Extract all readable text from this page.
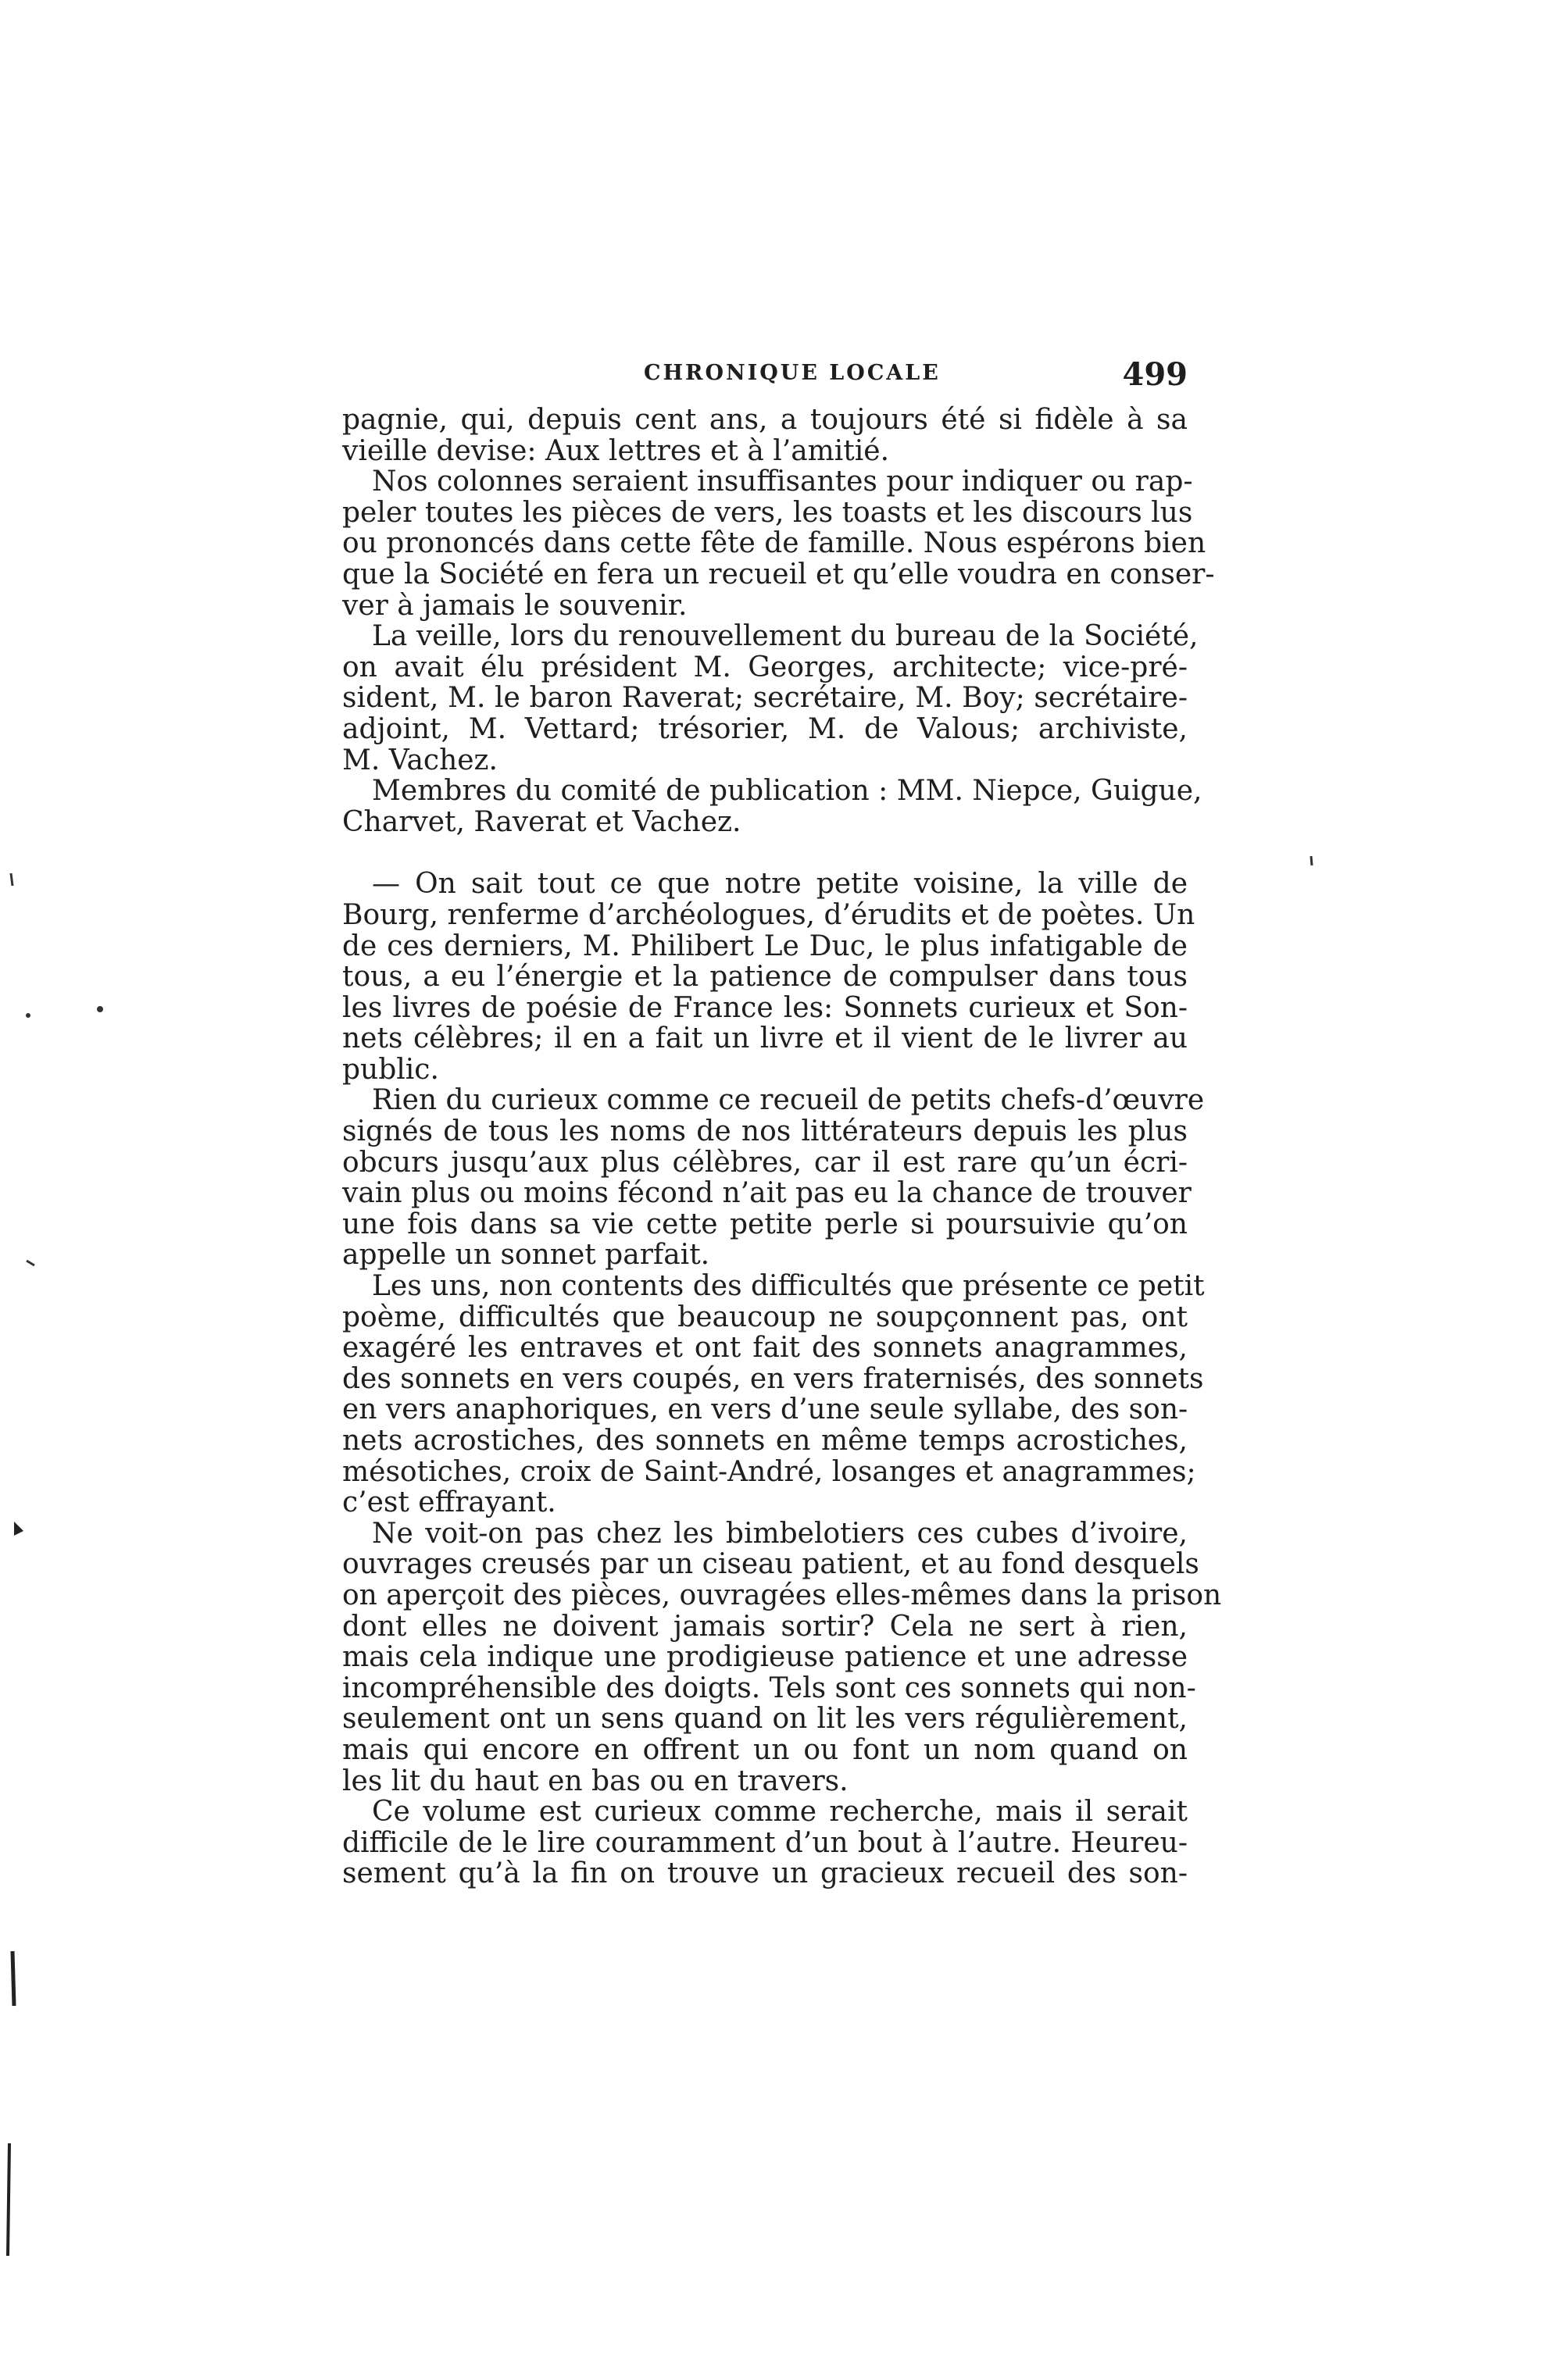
CHRONIQUE LOCALE	499
pagnie, qui, depuis cent ans, a toujours été si fidèle à sa
vieille devise: Aux lettres et à l’amitié.
Nos colonnes seraient insuffisantes pour indiquer ou rap-
peler toutes les pièces de vers, les toasts et les discours lus
ou prononcés dans cette fête de famille. Nous espérons bien
que la Société en fera un recueil et qu’elle voudra en conser-
ver à jamais le souvenir.
La veille, lors du renouvellement du bureau de la Société,
on avait élu président M. Georges, architecte; vice-pré-
sident, M. le baron Raverat; secrétaire, M. Boy; secrétaire-
adjoint, M. Vettard; trésorier, M. de Valous; archiviste,
M. Vachez.
Membres du comité de publication : MM. Niepce, Guigue,
Charvet, Raverat et Vachez.
— On sait tout ce que notre petite voisine, la ville de
Bourg, renferme d’archéologues, d’érudits et de poètes. Un
de ces derniers, M. Philibert Le Duc, le plus infatigable de
tous, a eu l’énergie et la patience de compulser dans tous
les livres de poésie de France les: Sonnets curieux et Son-
nets célèbres; il en a fait un livre et il vient de le livrer au
public.
Rien du curieux comme ce recueil de petits chefs-d’œuvre
signés de tous les noms de nos littérateurs depuis les plus
obcurs jusqu’aux plus célèbres, car il est rare qu’un écri-
vain plus ou moins fécond n’ait pas eu la chance de trouver
une fois dans sa vie cette petite perle si poursuivie qu’on
appelle un sonnet parfait.
Les uns, non contents des difficultés que présente ce petit
poème, difficultés que beaucoup ne soupçonnent pas, ont
exagéré les entraves et ont fait des sonnets anagrammes,
des sonnets en vers coupés, en vers fraternisés, des sonnets
en vers anaphoriques, en vers d’une seule syllabe, des son-
nets acrostiches, des sonnets en même temps acrostiches,
mésotiches, croix de Saint-André, losanges et anagrammes;
c’est effrayant.
Ne voit-on pas chez les bimbelotiers ces cubes d’ivoire,
ouvrages creusés par un ciseau patient, et au fond desquels
on aperçoit des pièces, ouvragées elles-mêmes dans la prison
dont elles ne doivent jamais sortir? Cela ne sert à rien,
mais cela indique une prodigieuse patience et une adresse
incompréhensible des doigts. Tels sont ces sonnets qui non-
seulement ont un sens quand on lit les vers régulièrement,
mais qui encore en offrent un ou font un nom quand on
les lit du haut en bas ou en travers.
Ce volume est curieux comme recherche, mais il serait
difficile de le lire couramment d’un bout à l’autre. Heureu-
sement qu’à la fin on trouve un gracieux recueil des son-
